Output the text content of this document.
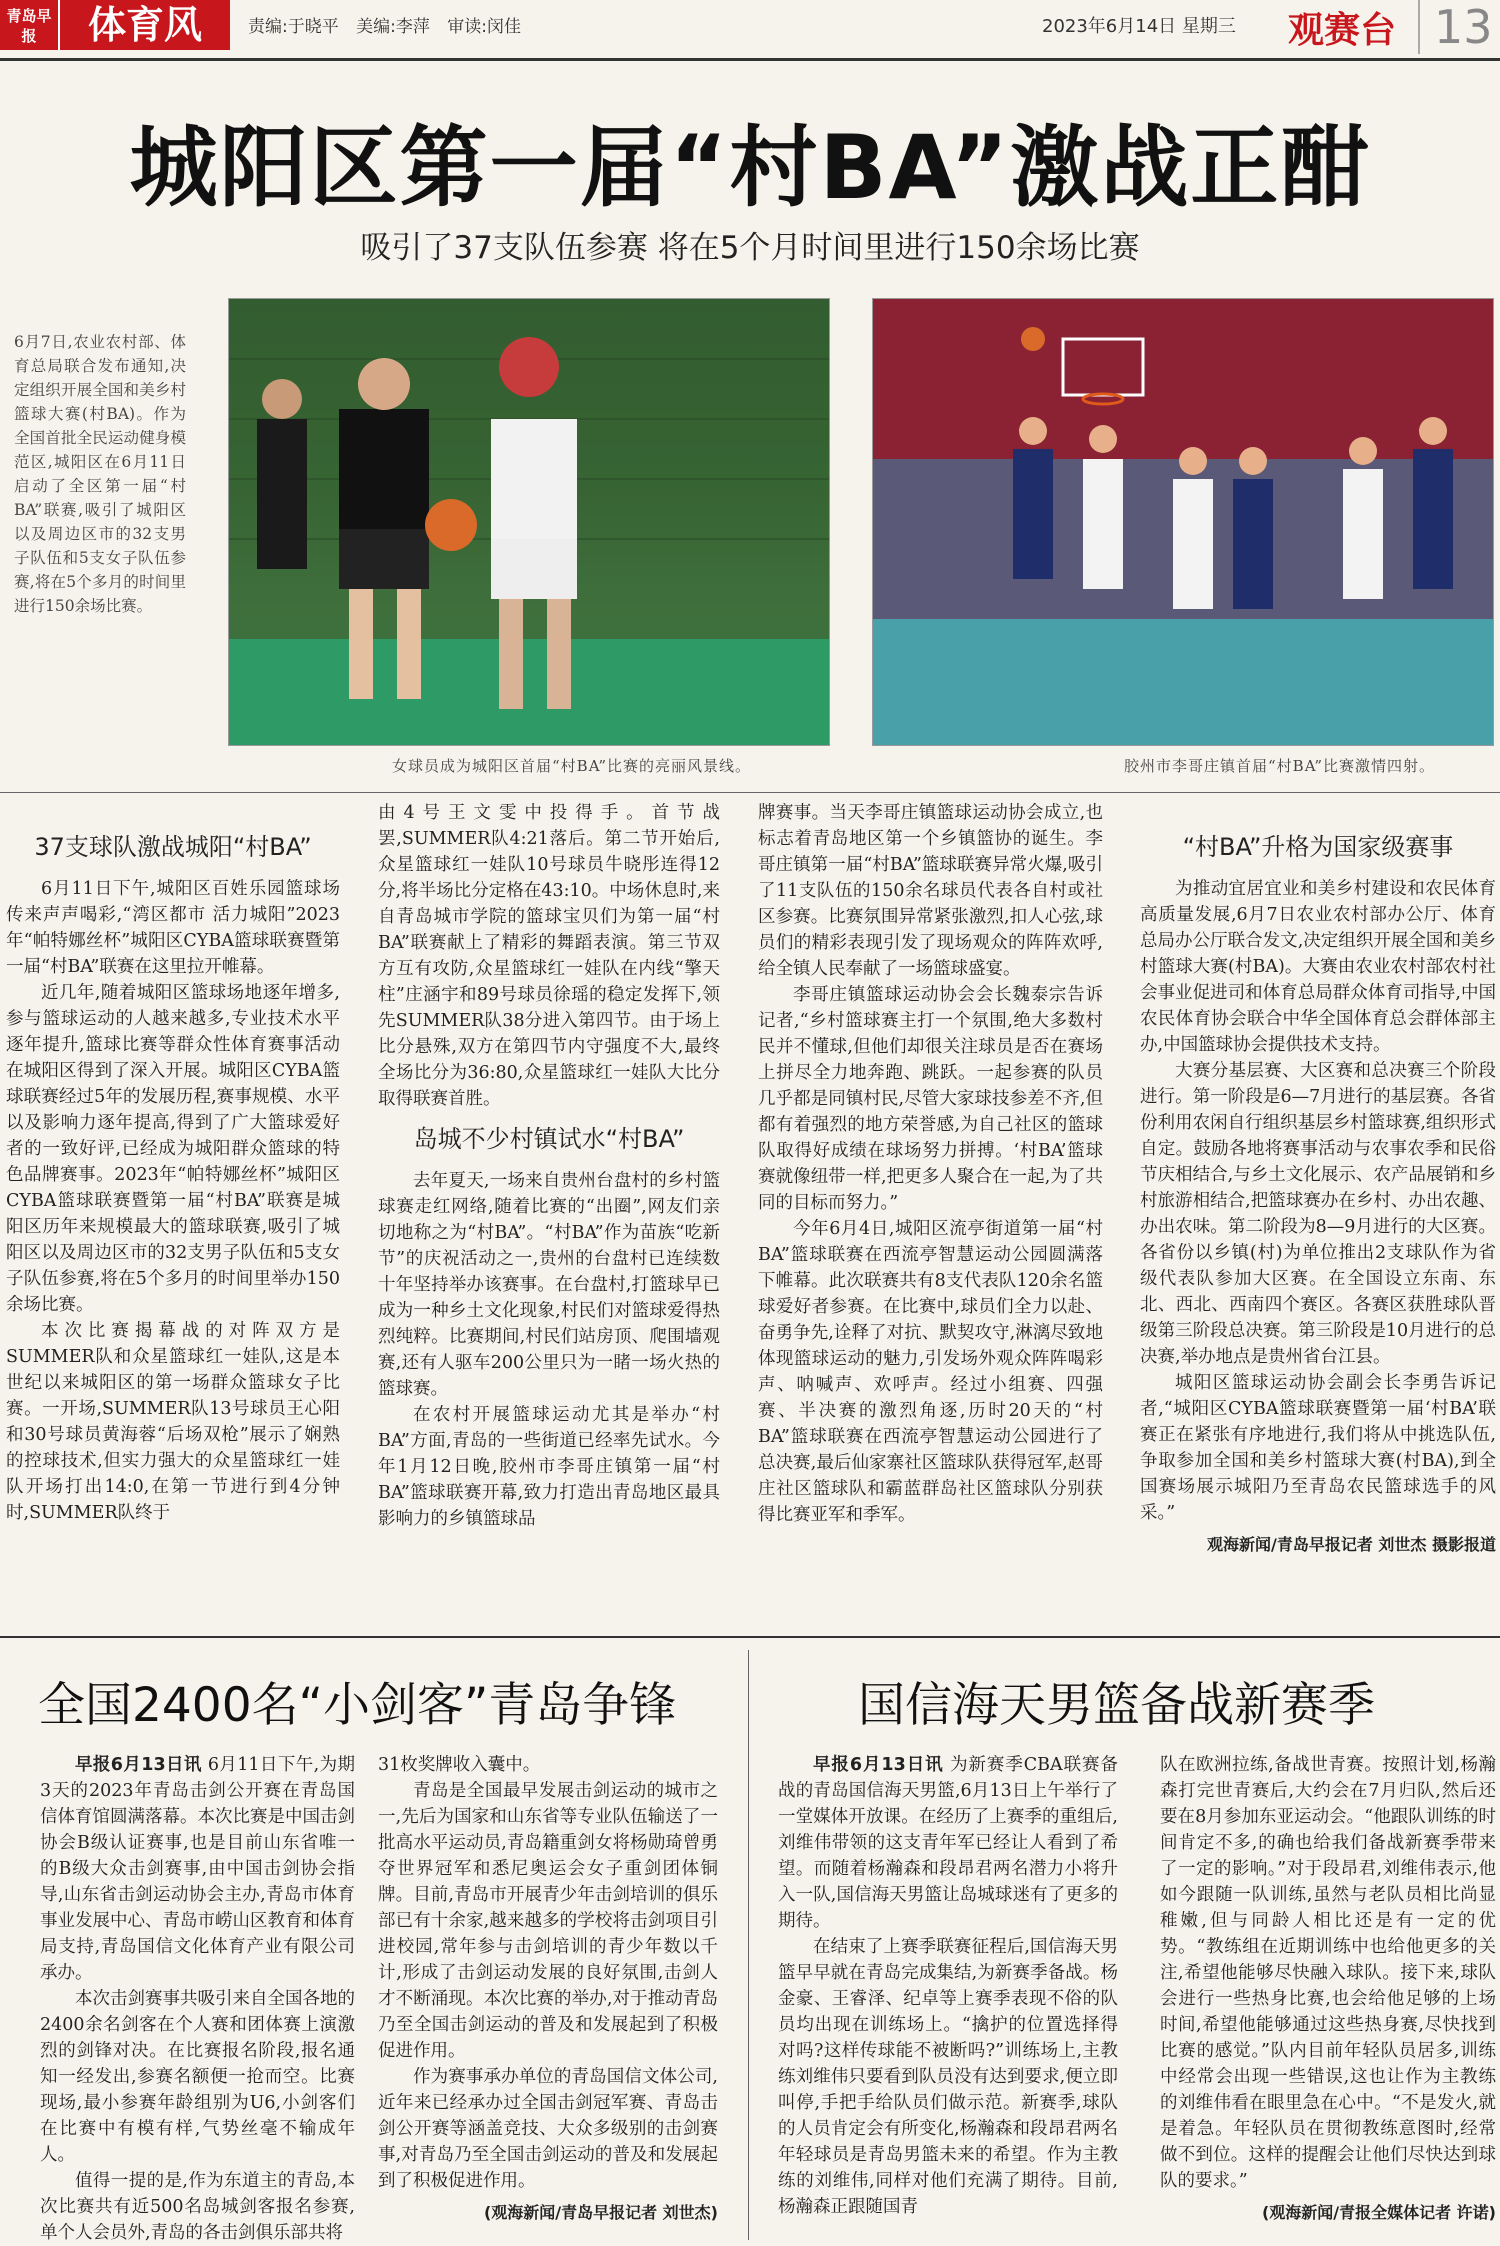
青岛早报	体育风	责编:于晓平 美编:李萍 审读:闵佳	2023年6月14日 星期三 观赛台 13
城阳区第一届“村BA”激战正酣
吸引了37支队伍参赛 将在5个月时间里进行150余场比赛
6月7日,农业农村部、体育总局联合发布通知,决定组织开展全国和美乡村篮球大赛(村BA)。作为全国首批全民运动健身模范区,城阳区在6月11日启动了全区第一届“村BA”联赛,吸引了城阳区以及周边区市的32支男子队伍和5支女子队伍参赛,将在5个多月的时间里进行150余场比赛。
女球员成为城阳区首届“村BA”比赛的亮丽风景线。	胶州市李哥庄镇首届“村BA”比赛激情四射。
37支球队激战城阳“村BA”

6月11日下午,城阳区百姓乐园篮球场传来声声喝彩,“湾区都市 活力城阳”2023年“帕特娜丝杯”城阳区CYBA篮球联赛暨第一届“村BA”联赛在这里拉开帷幕。

近几年,随着城阳区篮球场地逐年增多,参与篮球运动的人越来越多,专业技术水平逐年提升,篮球比赛等群众性体育赛事活动在城阳区得到了深入开展。城阳区CYBA篮球联赛经过5年的发展历程,赛事规模、水平以及影响力逐年提高,得到了广大篮球爱好者的一致好评,已经成为城阳群众篮球的特色品牌赛事。2023年“帕特娜丝杯”城阳区CYBA篮球联赛暨第一届“村BA”联赛是城阳区历年来规模最大的篮球联赛,吸引了城阳区以及周边区市的32支男子队伍和5支女子队伍参赛,将在5个多月的时间里举办150余场比赛。

本次比赛揭幕战的对阵双方是SUMMER队和众星篮球红一娃队,这是本世纪以来城阳区的第一场群众篮球女子比赛。一开场,SUMMER队13号球员王心阳和30号球员黄海蓉“后场双枪”展示了娴熟的控球技术,但实力强大的众星篮球红一娃队开场打出14:0,在第一节进行到4分钟时,SUMMER队终于

由4号王文雯中投得手。首节战罢,SUMMER队4:21落后。第二节开始后,众星篮球红一娃队10号球员牛晓彤连得12分,将半场比分定格在43:10。中场休息时,来自青岛城市学院的篮球宝贝们为第一届“村BA”联赛献上了精彩的舞蹈表演。第三节双方互有攻防,众星篮球红一娃队在内线“擎天柱”庄涵宇和89号球员徐瑶的稳定发挥下,领先SUMMER队38分进入第四节。由于场上比分悬殊,双方在第四节内守强度不大,最终全场比分为36:80,众星篮球红一娃队大比分取得联赛首胜。

岛城不少村镇试水“村BA”

去年夏天,一场来自贵州台盘村的乡村篮球赛走红网络,随着比赛的“出圈”,网友们亲切地称之为“村BA”。“村BA”作为苗族“吃新节”的庆祝活动之一,贵州的台盘村已连续数十年坚持举办该赛事。在台盘村,打篮球早已成为一种乡土文化现象,村民们对篮球爱得热烈纯粹。比赛期间,村民们站房顶、爬围墙观赛,还有人驱车200公里只为一睹一场火热的篮球赛。

在农村开展篮球运动尤其是举办“村BA”方面,青岛的一些街道已经率先试水。今年1月12日晚,胶州市李哥庄镇第一届“村BA”篮球联赛开幕,致力打造出青岛地区最具影响力的乡镇篮球品

牌赛事。当天李哥庄镇篮球运动协会成立,也标志着青岛地区第一个乡镇篮协的诞生。李哥庄镇第一届“村BA”篮球联赛异常火爆,吸引了11支队伍的150余名球员代表各自村或社区参赛。比赛氛围异常紧张激烈,扣人心弦,球员们的精彩表现引发了现场观众的阵阵欢呼,给全镇人民奉献了一场篮球盛宴。

李哥庄镇篮球运动协会会长魏泰宗告诉记者,“乡村篮球赛主打一个氛围,绝大多数村民并不懂球,但他们却很关注球员是否在赛场上拼尽全力地奔跑、跳跃。一起参赛的队员几乎都是同镇村民,尽管大家球技参差不齐,但都有着强烈的地方荣誉感,为自己社区的篮球队取得好成绩在球场努力拼搏。‘村BA’篮球赛就像纽带一样,把更多人聚合在一起,为了共同的目标而努力。”

今年6月4日,城阳区流亭街道第一届“村BA”篮球联赛在西流亭智慧运动公园圆满落下帷幕。此次联赛共有8支代表队120余名篮球爱好者参赛。在比赛中,球员们全力以赴、奋勇争先,诠释了对抗、默契攻守,淋漓尽致地体现篮球运动的魅力,引发场外观众阵阵喝彩声、呐喊声、欢呼声。经过小组赛、四强赛、半决赛的激烈角逐,历时20天的“村BA”篮球联赛在西流亭智慧运动公园进行了总决赛,最后仙家寨社区篮球队获得冠军,赵哥庄社区篮球队和霸蓝群岛社区篮球队分别获得比赛亚军和季军。

“村BA”升格为国家级赛事

为推动宜居宜业和美乡村建设和农民体育高质量发展,6月7日农业农村部办公厅、体育总局办公厅联合发文,决定组织开展全国和美乡村篮球大赛(村BA)。大赛由农业农村部农村社会事业促进司和体育总局群众体育司指导,中国农民体育协会联合中华全国体育总会群体部主办,中国篮球协会提供技术支持。

大赛分基层赛、大区赛和总决赛三个阶段进行。第一阶段是6—7月进行的基层赛。各省份利用农闲自行组织基层乡村篮球赛,组织形式自定。鼓励各地将赛事活动与农事农季和民俗节庆相结合,与乡土文化展示、农产品展销和乡村旅游相结合,把篮球赛办在乡村、办出农趣、办出农味。第二阶段为8—9月进行的大区赛。各省份以乡镇(村)为单位推出2支球队作为省级代表队参加大区赛。在全国设立东南、东北、西北、西南四个赛区。各赛区获胜球队晋级第三阶段总决赛。第三阶段是10月进行的总决赛,举办地点是贵州省台江县。

城阳区篮球运动协会副会长李勇告诉记者,“城阳区CYBA篮球联赛暨第一届‘村BA’联赛正在紧张有序地进行,我们将从中挑选队伍,争取参加全国和美乡村篮球大赛(村BA),到全国赛场展示城阳乃至青岛农民篮球选手的风采。”

观海新闻/青岛早报记者 刘世杰 摄影报道
全国2400名“小剑客”青岛争锋

早报6月13日讯 6月11日下午,为期3天的2023年青岛击剑公开赛在青岛国信体育馆圆满落幕。本次比赛是中国击剑协会B级认证赛事,也是目前山东省唯一的B级大众击剑赛事,由中国击剑协会指导,山东省击剑运动协会主办,青岛市体育事业发展中心、青岛市崂山区教育和体育局支持,青岛国信文化体育产业有限公司承办。

本次击剑赛事共吸引来自全国各地的2400余名剑客在个人赛和团体赛上演激烈的剑锋对决。在比赛报名阶段,报名通知一经发出,参赛名额便一抢而空。比赛现场,最小参赛年龄组别为U6,小剑客们在比赛中有模有样,气势丝毫不输成年人。

值得一提的是,作为东道主的青岛,本次比赛共有近500名岛城剑客报名参赛,单个人会员外,青岛的各击剑俱乐部共将

31枚奖牌收入囊中。

青岛是全国最早发展击剑运动的城市之一,先后为国家和山东省等专业队伍输送了一批高水平运动员,青岛籍重剑女将杨勋琦曾勇夺世界冠军和悉尼奥运会女子重剑团体铜牌。目前,青岛市开展青少年击剑培训的俱乐部已有十余家,越来越多的学校将击剑项目引进校园,常年参与击剑培训的青少年数以千计,形成了击剑运动发展的良好氛围,击剑人才不断涌现。本次比赛的举办,对于推动青岛乃至全国击剑运动的普及和发展起到了积极促进作用。

作为赛事承办单位的青岛国信文体公司,近年来已经承办过全国击剑冠军赛、青岛击剑公开赛等涵盖竞技、大众多级别的击剑赛事,对青岛乃至全国击剑运动的普及和发展起到了积极促进作用。

(观海新闻/青岛早报记者 刘世杰)
国信海天男篮备战新赛季

早报6月13日讯 为新赛季CBA联赛备战的青岛国信海天男篮,6月13日上午举行了一堂媒体开放课。在经历了上赛季的重组后,刘维伟带领的这支青年军已经让人看到了希望。而随着杨瀚森和段昂君两名潜力小将升入一队,国信海天男篮让岛城球迷有了更多的期待。

在结束了上赛季联赛征程后,国信海天男篮早早就在青岛完成集结,为新赛季备战。杨金豪、王睿泽、纪卓等上赛季表现不俗的队员均出现在训练场上。“擒护的位置选择得对吗?这样传球能不被断吗?”训练场上,主教练刘维伟只要看到队员没有达到要求,便立即叫停,手把手给队员们做示范。新赛季,球队的人员肯定会有所变化,杨瀚森和段昂君两名年轻球员是青岛男篮未来的希望。作为主教练的刘维伟,同样对他们充满了期待。目前,杨瀚森正跟随国青

队在欧洲拉练,备战世青赛。按照计划,杨瀚森打完世青赛后,大约会在7月归队,然后还要在8月参加东亚运动会。“他跟队训练的时间肯定不多,的确也给我们备战新赛季带来了一定的影响。”对于段昂君,刘维伟表示,他如今跟随一队训练,虽然与老队员相比尚显稚嫩,但与同龄人相比还是有一定的优势。“教练组在近期训练中也给他更多的关注,希望他能够尽快融入球队。接下来,球队会进行一些热身比赛,也会给他足够的上场时间,希望他能够通过这些热身赛,尽快找到比赛的感觉。”队内目前年轻队员居多,训练中经常会出现一些错误,这也让作为主教练的刘维伟看在眼里急在心中。“不是发火,就是着急。年轻队员在贯彻教练意图时,经常做不到位。这样的提醒会让他们尽快达到球队的要求。”

(观海新闻/青报全媒体记者 许诺)
